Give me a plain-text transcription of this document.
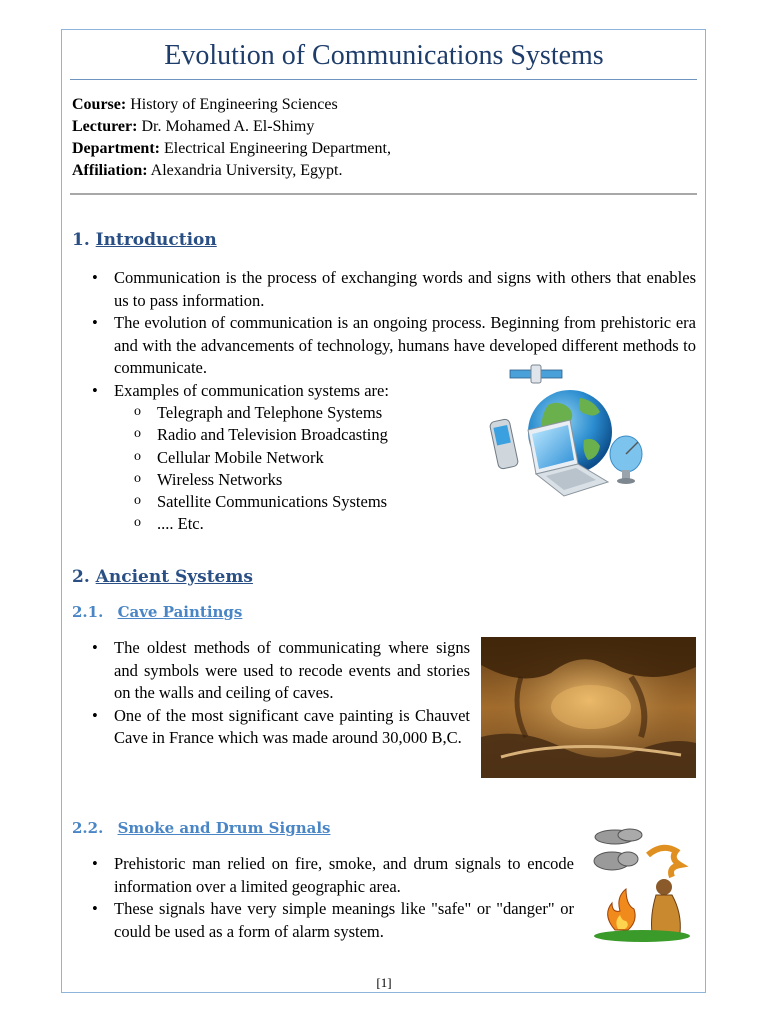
Evolution of Communications Systems
Course: History of Engineering Sciences
Lecturer: Dr. Mohamed A. El-Shimy
Department: Electrical Engineering Department,
Affiliation: Alexandria University, Egypt.
1. Introduction
• Communication is the process of exchanging words and signs with others that enables us to pass information.
• The evolution of communication is an ongoing process. Beginning from prehistoric era and with the advancements of technology, humans have developed different methods to communicate.
• Examples of communication systems are:
o Telegraph and Telephone Systems
o Radio and Television Broadcasting
o Cellular Mobile Network
o Wireless Networks
o Satellite Communications Systems
o .... Etc.
2. Ancient Systems
2.1. Cave Paintings
• The oldest methods of communicating where signs and symbols were used to recode events and stories on the walls and ceiling of caves.
• One of the most significant cave painting is Chauvet Cave in France which was made around 30,000 B,C.
2.2. Smoke and Drum Signals
• Prehistoric man relied on fire, smoke, and drum signals to encode information over a limited geographic area.
• These signals have very simple meanings like "safe" or "danger" or could be used as a form of alarm system.
[1]
